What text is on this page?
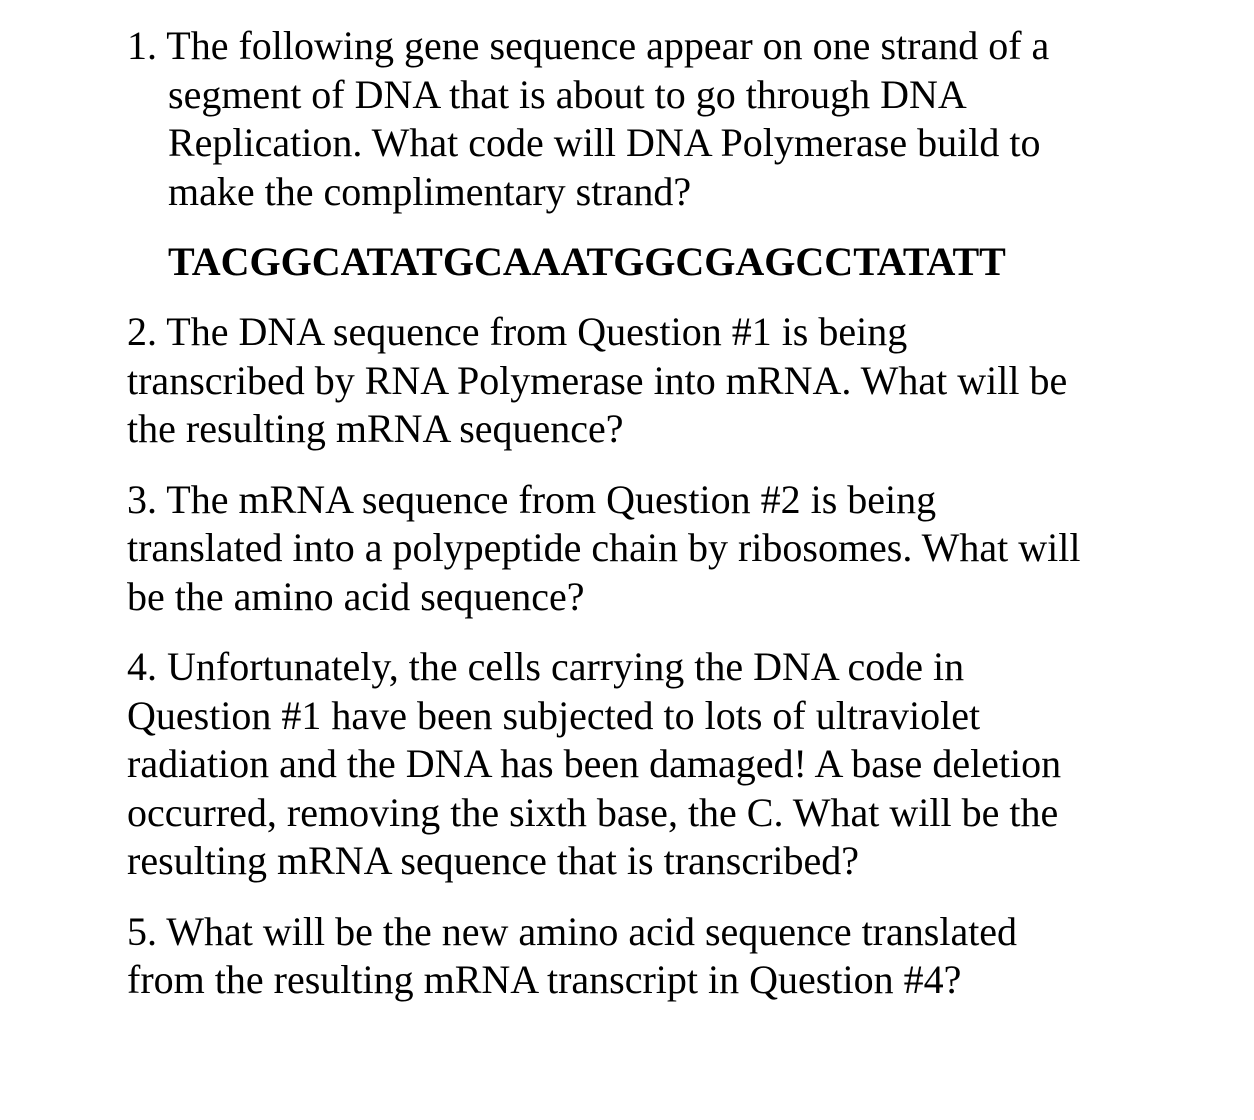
1. The following gene sequence appear on one strand of a
segment of DNA that is about to go through DNA
Replication. What code will DNA Polymerase build to
make the complimentary strand?

TACGGCATATGCAAATGGCGAGCCTATATT

2. The DNA sequence from Question #1 is being
transcribed by RNA Polymerase into mRNA. What will be
the resulting mRNA sequence?

3. The mRNA sequence from Question #2 is being
translated into a polypeptide chain by ribosomes. What will
be the amino acid sequence?

4. Unfortunately, the cells carrying the DNA code in
Question #1 have been subjected to lots of ultraviolet
radiation and the DNA has been damaged! A base deletion
occurred, removing the sixth base, the C. What will be the
resulting mRNA sequence that is transcribed?

5. What will be the new amino acid sequence translated
from the resulting mRNA transcript in Question #4?
